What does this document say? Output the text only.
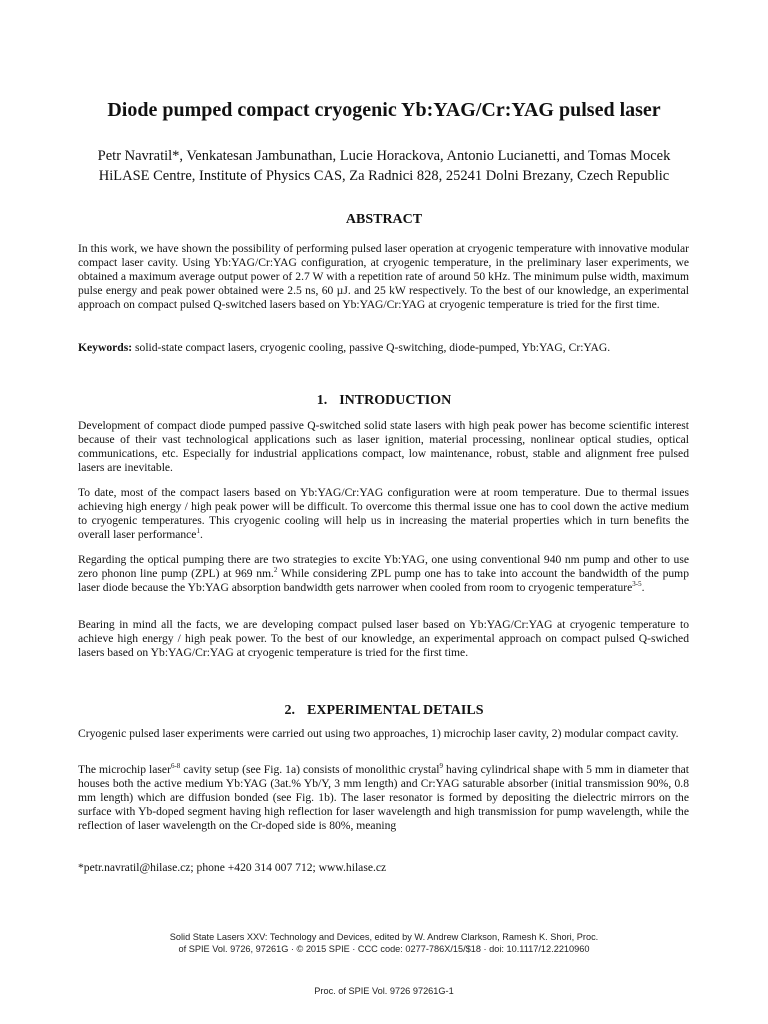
Diode pumped compact cryogenic Yb:YAG/Cr:YAG pulsed laser
Petr Navratil*, Venkatesan Jambunathan, Lucie Horackova, Antonio Lucianetti, and Tomas Mocek
HiLASE Centre, Institute of Physics CAS, Za Radnici 828, 25241 Dolni Brezany, Czech Republic
ABSTRACT

In this work, we have shown the possibility of performing pulsed laser operation at cryogenic temperature with innovative modular compact laser cavity. Using Yb:YAG/Cr:YAG configuration, at cryogenic temperature, in the preliminary laser experiments, we obtained a maximum average output power of 2.7 W with a repetition rate of around 50 kHz. The minimum pulse width, maximum pulse energy and peak power obtained were 2.5 ns, 60 µJ. and 25 kW respectively. To the best of our knowledge, an experimental approach on compact pulsed Q-switched lasers based on Yb:YAG/Cr:YAG at cryogenic temperature is tried for the first time.

Keywords: solid-state compact lasers, cryogenic cooling, passive Q-switching, diode-pumped, Yb:YAG, Cr:YAG.

1. INTRODUCTION

Development of compact diode pumped passive Q-switched solid state lasers with high peak power has become scientific interest because of their vast technological applications such as laser ignition, material processing, nonlinear optical studies, optical communications, etc. Especially for industrial applications compact, low maintenance, robust, stable and alignment free pulsed lasers are inevitable.

To date, most of the compact lasers based on Yb:YAG/Cr:YAG configuration were at room temperature. Due to thermal issues achieving high energy / high peak power will be difficult. To overcome this thermal issue one has to cool down the active medium to cryogenic temperatures. This cryogenic cooling will help us in increasing the material properties which in turn benefits the overall laser performance$^1$.

Regarding the optical pumping there are two strategies to excite Yb:YAG, one using conventional 940 nm pump and other to use zero phonon line pump (ZPL) at 969 nm.$^2$ While considering ZPL pump one has to take into account the bandwidth of the pump laser diode because the Yb:YAG absorption bandwidth gets narrower when cooled from room to cryogenic temperature$^{3-5}$.

Bearing in mind all the facts, we are developing compact pulsed laser based on Yb:YAG/Cr:YAG at cryogenic temperature to achieve high energy / high peak power. To the best of our knowledge, an experimental approach on compact pulsed Q-swiched lasers based on Yb:YAG/Cr:YAG at cryogenic temperature is tried for the first time.

2. EXPERIMENTAL DETAILS

Cryogenic pulsed laser experiments were carried out using two approaches, 1) microchip laser cavity, 2) modular compact cavity.

The microchip laser$^{6-8}$ cavity setup (see Fig. 1a) consists of monolithic crystal$^9$ having cylindrical shape with 5 mm in diameter that houses both the active medium Yb:YAG (3at.% Yb/Y, 3 mm length) and Cr:YAG saturable absorber (initial transmission 90%, 0.8 mm length) which are diffusion bonded (see Fig. 1b). The laser resonator is formed by depositing the dielectric mirrors on the surface with Yb-doped segment having high reflection for laser wavelength and high transmission for pump wavelength, while the reflection of laser wavelength on the Cr-doped side is 80%, meaning

*petr.navratil@hilase.cz; phone +420 314 007 712; www.hilase.cz
Solid State Lasers XXV: Technology and Devices, edited by W. Andrew Clarkson, Ramesh K. Shori, Proc.
of SPIE Vol. 9726, 97261G · © 2015 SPIE · CCC code: 0277-786X/15/$18 · doi: 10.1117/12.2210960
Proc. of SPIE Vol. 9726 97261G-1
